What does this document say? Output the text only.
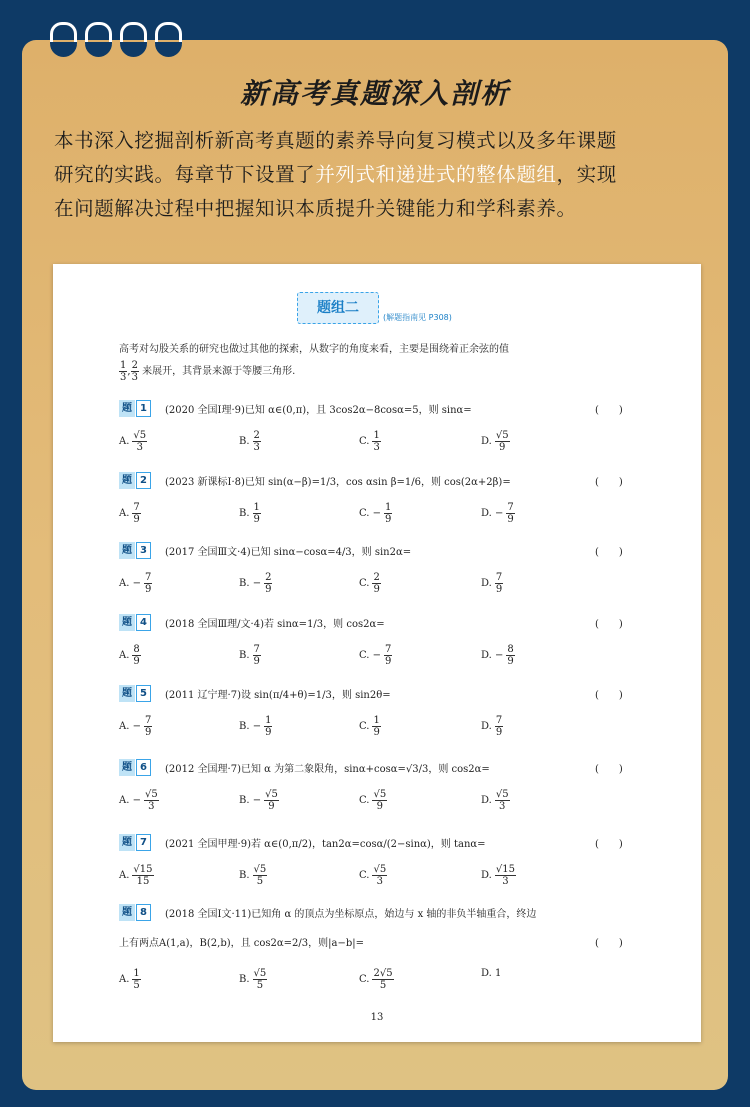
新高考真题深入剖析
本书深入挖掘剖析新高考真题的素养导向复习模式以及多年课题
研究的实践。每章节下设置了并列式和递进式的整体题组，实现
在问题解决过程中把握知识本质提升关键能力和学科素养。
题组二
(解题指南见 P308)
高考对勾股关系的研究也做过其他的探索，从数字的角度来看，主要是围绕着正余弦的值
$\frac{1}{3}$ , $\frac{2}{3}$ 来展开，其背景来源于等腰三角形.
题 1	(2020 全国Ⅰ理·9)已知 α∈(0,π)，且 3cos2α−8cosα=5，则 sinα=	(　　)
A. $\frac{√5}{3}$	B. $\frac{2}{3}$	C. $\frac{1}{3}$	D. $\frac{√5}{9}$
题 2	(2023 新课标Ⅰ·8)已知 sin(α−β)=1/3，cos αsin β=1/6，则 cos(2α+2β)=	(　　)
A. $\frac{7}{9}$	B. $\frac{1}{9}$	C. − $\frac{1}{9}$	D. − $\frac{7}{9}$
题 3	(2017 全国Ⅲ文·4)已知 sinα−cosα=4/3，则 sin2α=	(　　)
A. − $\frac{7}{9}$	B. − $\frac{2}{9}$	C. $\frac{2}{9}$	D. $\frac{7}{9}$
题 4	(2018 全国Ⅲ理/文·4)若 sinα=1/3，则 cos2α=	(　　)
A. $\frac{8}{9}$	B. $\frac{7}{9}$	C. − $\frac{7}{9}$	D. − $\frac{8}{9}$
题 5	(2011 辽宁理·7)设 sin(π/4+θ)=1/3，则 sin2θ=	(　　)
A. − $\frac{7}{9}$	B. − $\frac{1}{9}$	C. $\frac{1}{9}$	D. $\frac{7}{9}$
题 6	(2012 全国理·7)已知 α 为第二象限角，sinα+cosα=√3/3，则 cos2α=	(　　)
A. − $\frac{√5}{3}$	B. − $\frac{√5}{9}$	C. $\frac{√5}{9}$	D. $\frac{√5}{3}$
题 7	(2021 全国甲理·9)若 α∈(0,π/2)，tan2α=cosα/(2−sinα)，则 tanα=	(　　)
A. $\frac{√15}{15}$	B. $\frac{√5}{5}$	C. $\frac{√5}{3}$	D. $\frac{√15}{3}$
题 8	(2018 全国Ⅰ文·11)已知角 α 的顶点为坐标原点，始边与 x 轴的非负半轴重合，终边
上有两点A(1,a)，B(2,b)，且 cos2α=2/3，则|a−b|=	(　　)
A. $\frac{1}{5}$	B. $\frac{√5}{5}$	C. $\frac{2√5}{5}$	D. 1
13
